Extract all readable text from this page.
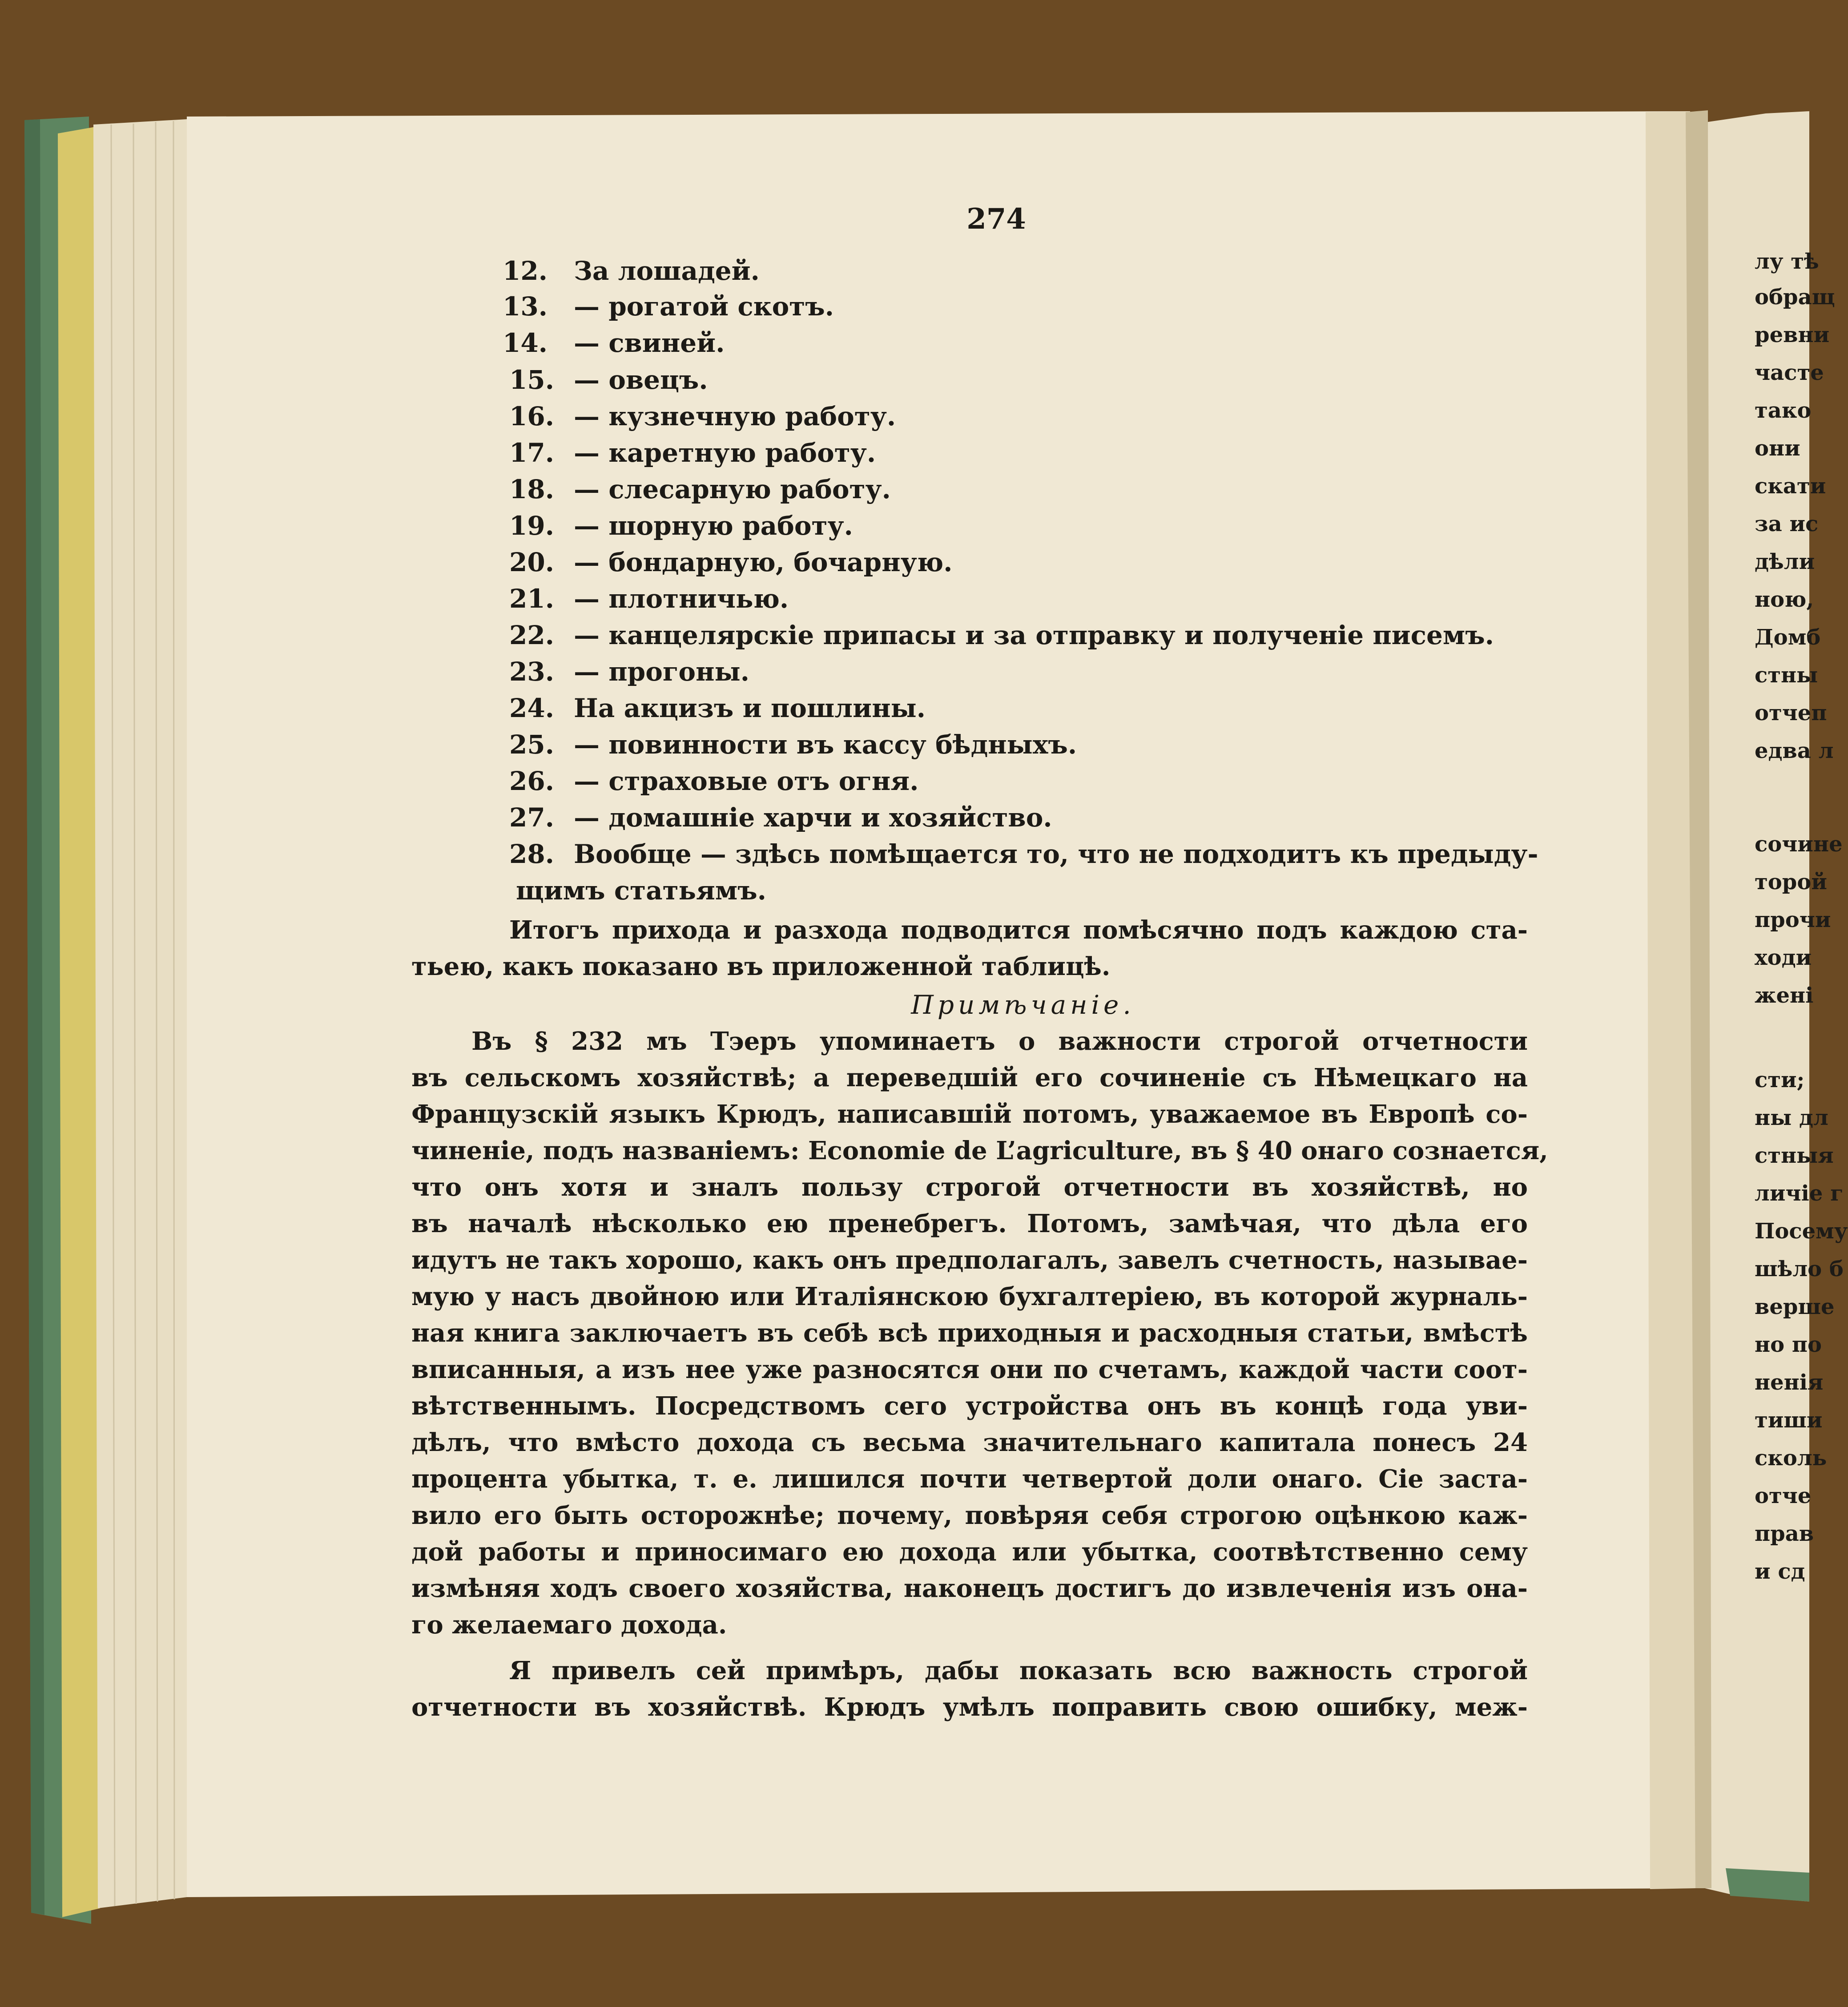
274
12.	За лошадей.
13.	— рогатой скотъ.
14.	— свиней.
15. — овецъ.
16. — кузнечную работу.
17. — каретную работу.
18. — слесарную работу.
19. — шорную работу.
20. — бондарную, бочарную.
21. — плотничью.
22. — канцелярскіе припасы и за отправку и полученіе писемъ.
23. — прогоны.
24. На акцизъ и пошлины.
25. — повинности въ кассу бѣдныхъ.
26. — страховые отъ огня.
27. — домашніе харчи и хозяйство.
28. Вообще — здѣсь помѣщается то, что не подходитъ къ предыду-
щимъ статьямъ.
Итогъ прихода и разхода подводится помѣсячно подъ каждою ста-
тьею, какъ показано въ приложенной таблицѣ.
Примѣчаніе.
Въ § 232 мъ Тэеръ упоминаетъ о важности строгой отчетности
въ сельскомъ хозяйствѣ; а переведшій его сочиненіе съ Нѣмецкаго на
Французскій языкъ Крюдъ, написавшій потомъ, уважаемое въ Европѣ со-
чиненіе, подъ названіемъ: Economie de L’agriculture, въ § 40 онаго сознается,
что онъ хотя и зналъ пользу строгой отчетности въ хозяйствѣ, но
въ началѣ нѣсколько ею пренебрегъ. Потомъ, замѣчая, что дѣла его
идутъ не такъ хорошо, какъ онъ предполагалъ, завелъ счетность, называе-
мую у насъ двойною или Италіянскою бухгалтеріею, въ которой журналь-
ная книга заключаетъ въ себѣ всѣ приходныя и расходныя статьи, вмѣстѣ
вписанныя, а изъ нее уже разносятся они по счетамъ, каждой части соот-
вѣтственнымъ. Посредствомъ сего устройства онъ въ концѣ года уви-
дѣлъ, что вмѣсто дохода съ весьма значительнаго капитала понесъ 24
процента убытка, т. е. лишился почти четвертой доли онаго. Сіе заста-
вило его быть осторожнѣе; почему, повѣряя себя строгою оцѣнкою каж-
дой работы и приносимаго ею дохода или убытка, соотвѣтственно сему
измѣняя ходъ своего хозяйства, наконецъ достигъ до извлеченія изъ она-
го желаемаго дохода.
Я привелъ сей примѣръ, дабы показать всю важность строгой
отчетности въ хозяйствѣ. Крюдъ умѣлъ поправить свою ошибку, меж-
лу тѣ
обращ
ревни
часте
тако
они
скати
за ис
дѣли
ною,
Домб
стны
отчеп
едва л
сочине
торой
прочи
ходи
жені
сти;
ны дл
стныя
личіе г
Посему
шѣло б
верше
но по
ненія
тиши
сколь
отче
прав
и сд
